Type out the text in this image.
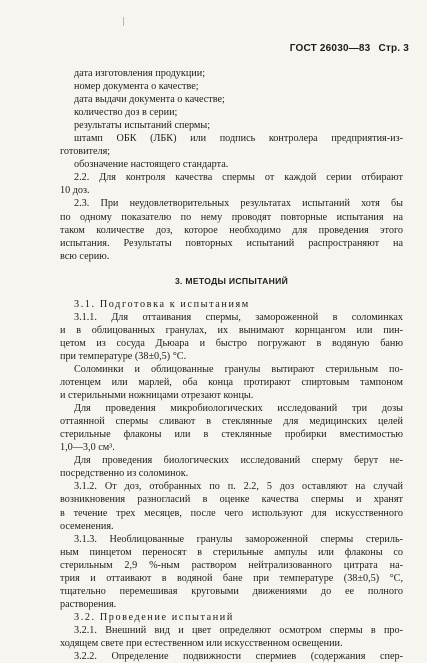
ГОСТ 26030—83 Стр. 3
дата изготовления продукции;
номер документа о качестве;
дата выдачи документа о качестве;
количество доз в серии;
результаты испытаний спермы;
штамп ОБК (ЛБК) или подпись контролера предприятия-из-
готовителя;
обозначение настоящего стандарта.
2.2. Для контроля качества спермы от каждой серии отбирают
10 доз.
2.3. При неудовлетворительных результатах испытаний хотя бы
по одному показателю по нему проводят повторные испытания на
таком количестве доз, которое необходимо для проведения этого
испытания. Результаты повторных испытаний распространяют на
всю серию.
3. МЕТОДЫ ИСПЫТАНИЙ
3.1. Подготовка к испытаниям
3.1.1. Для оттаивания спермы, замороженной в соломинках
и в облицованных гранулах, их вынимают корнцангом или пин-
цетом из сосуда Дьюара и быстро погружают в водяную баню
при температуре (38±0,5) °С.
Соломинки и облицованные гранулы вытирают стерильным по-
лотенцем или марлей, оба конца протирают спиртовым тампоном
и стерильными ножницами отрезают концы.
Для проведения микробиологических исследований три дозы
оттаянной спермы сливают в стеклянные для медицинских целей
стерильные флаконы или в стеклянные пробирки вместимостью
1,0—3,0 см³.
Для проведения биологических исследований сперму берут не-
посредственно из соломинок.
3.1.2. От доз, отобранных по п. 2.2, 5 доз оставляют на случай
возникновения разногласий в оценке качества спермы и хранят
в течение трех месяцев, после чего используют для искусственного
осеменения.
3.1.3. Необлицованные гранулы замороженной спермы стериль-
ным пинцетом переносят в стерильные ампулы или флаконы со
стерильным 2,9 %-ным раствором нейтрализованного цитрата на-
трия и оттаивают в водяной бане при температуре (38±0,5) °С,
тщательно перемешивая круговыми движениями до ее полного
растворения.
3.2. Проведение испытаний
3.2.1. Внешний вид и цвет определяют осмотром спермы в про-
ходящем свете при естественном или искусственном освещении.
3.2.2. Определение подвижности спермиев (содержания спер-
